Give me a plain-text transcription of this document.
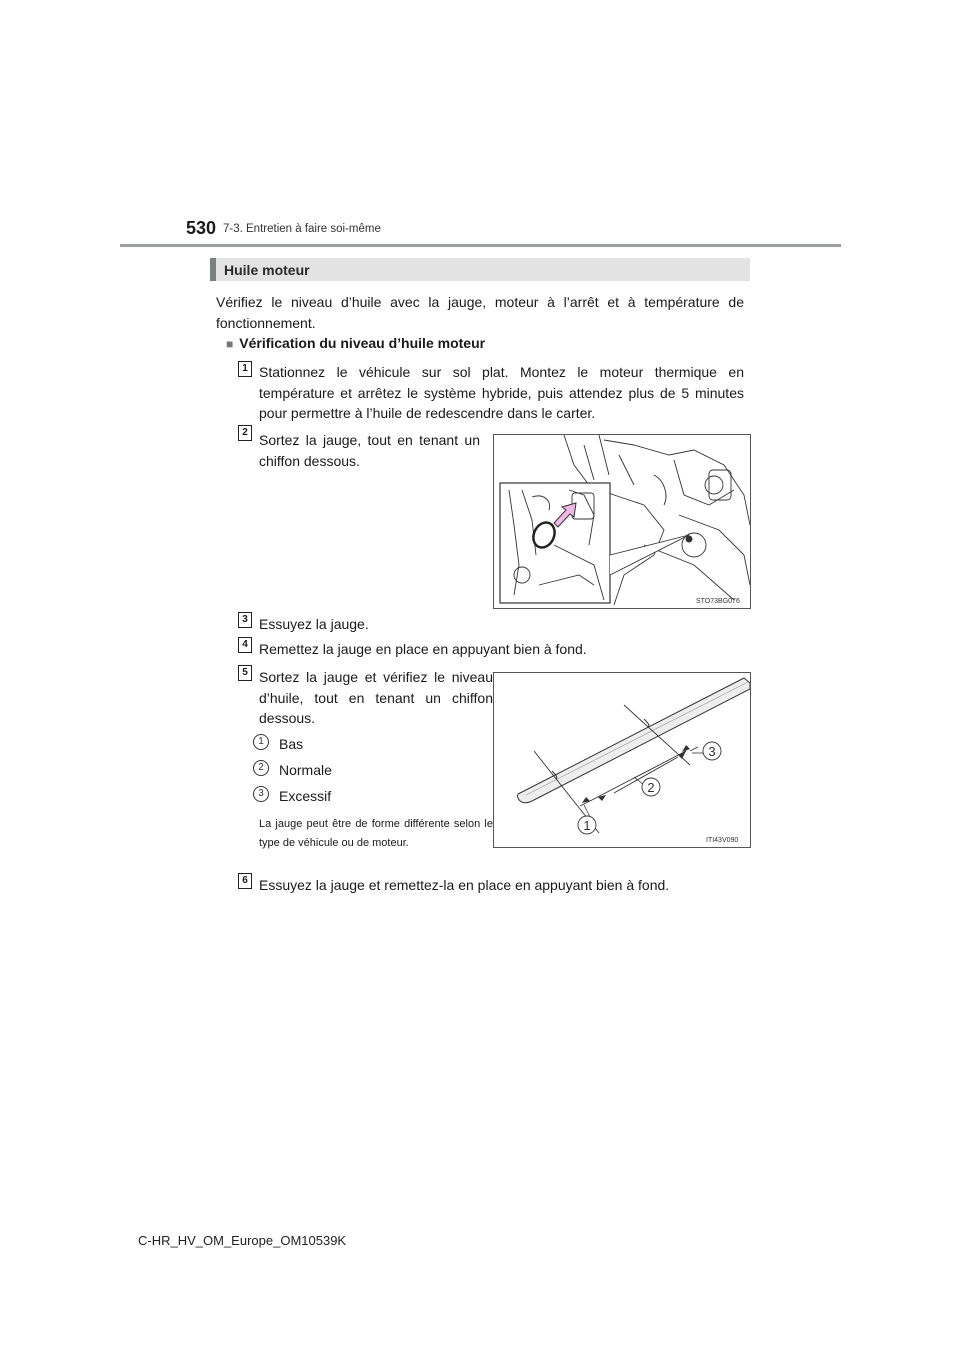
530 7-3. Entretien à faire soi-même
Huile moteur
Vérifiez le niveau d’huile avec la jauge, moteur à l’arrêt et à température de fonctionnement.
■ Vérification du niveau d’huile moteur
1 Stationnez le véhicule sur sol plat. Montez le moteur thermique en température et arrêtez le système hybride, puis attendez plus de 5 minutes pour permettre à l’huile de redescendre dans le carter.
2 Sortez la jauge, tout en tenant un chiffon dessous.
STO73BG076
3 Essuyez la jauge.
4 Remettez la jauge en place en appuyant bien à fond.
5 Sortez la jauge et vérifiez le niveau d’huile, tout en tenant un chiffon dessous.
1	Bas
2	Normale
3	Excessif
La jauge peut être de forme différente selon le type de véhicule ou de moteur.
1
2
3
ITI43V090
6 Essuyez la jauge et remettez-la en place en appuyant bien à fond.
C-HR_HV_OM_Europe_OM10539K
